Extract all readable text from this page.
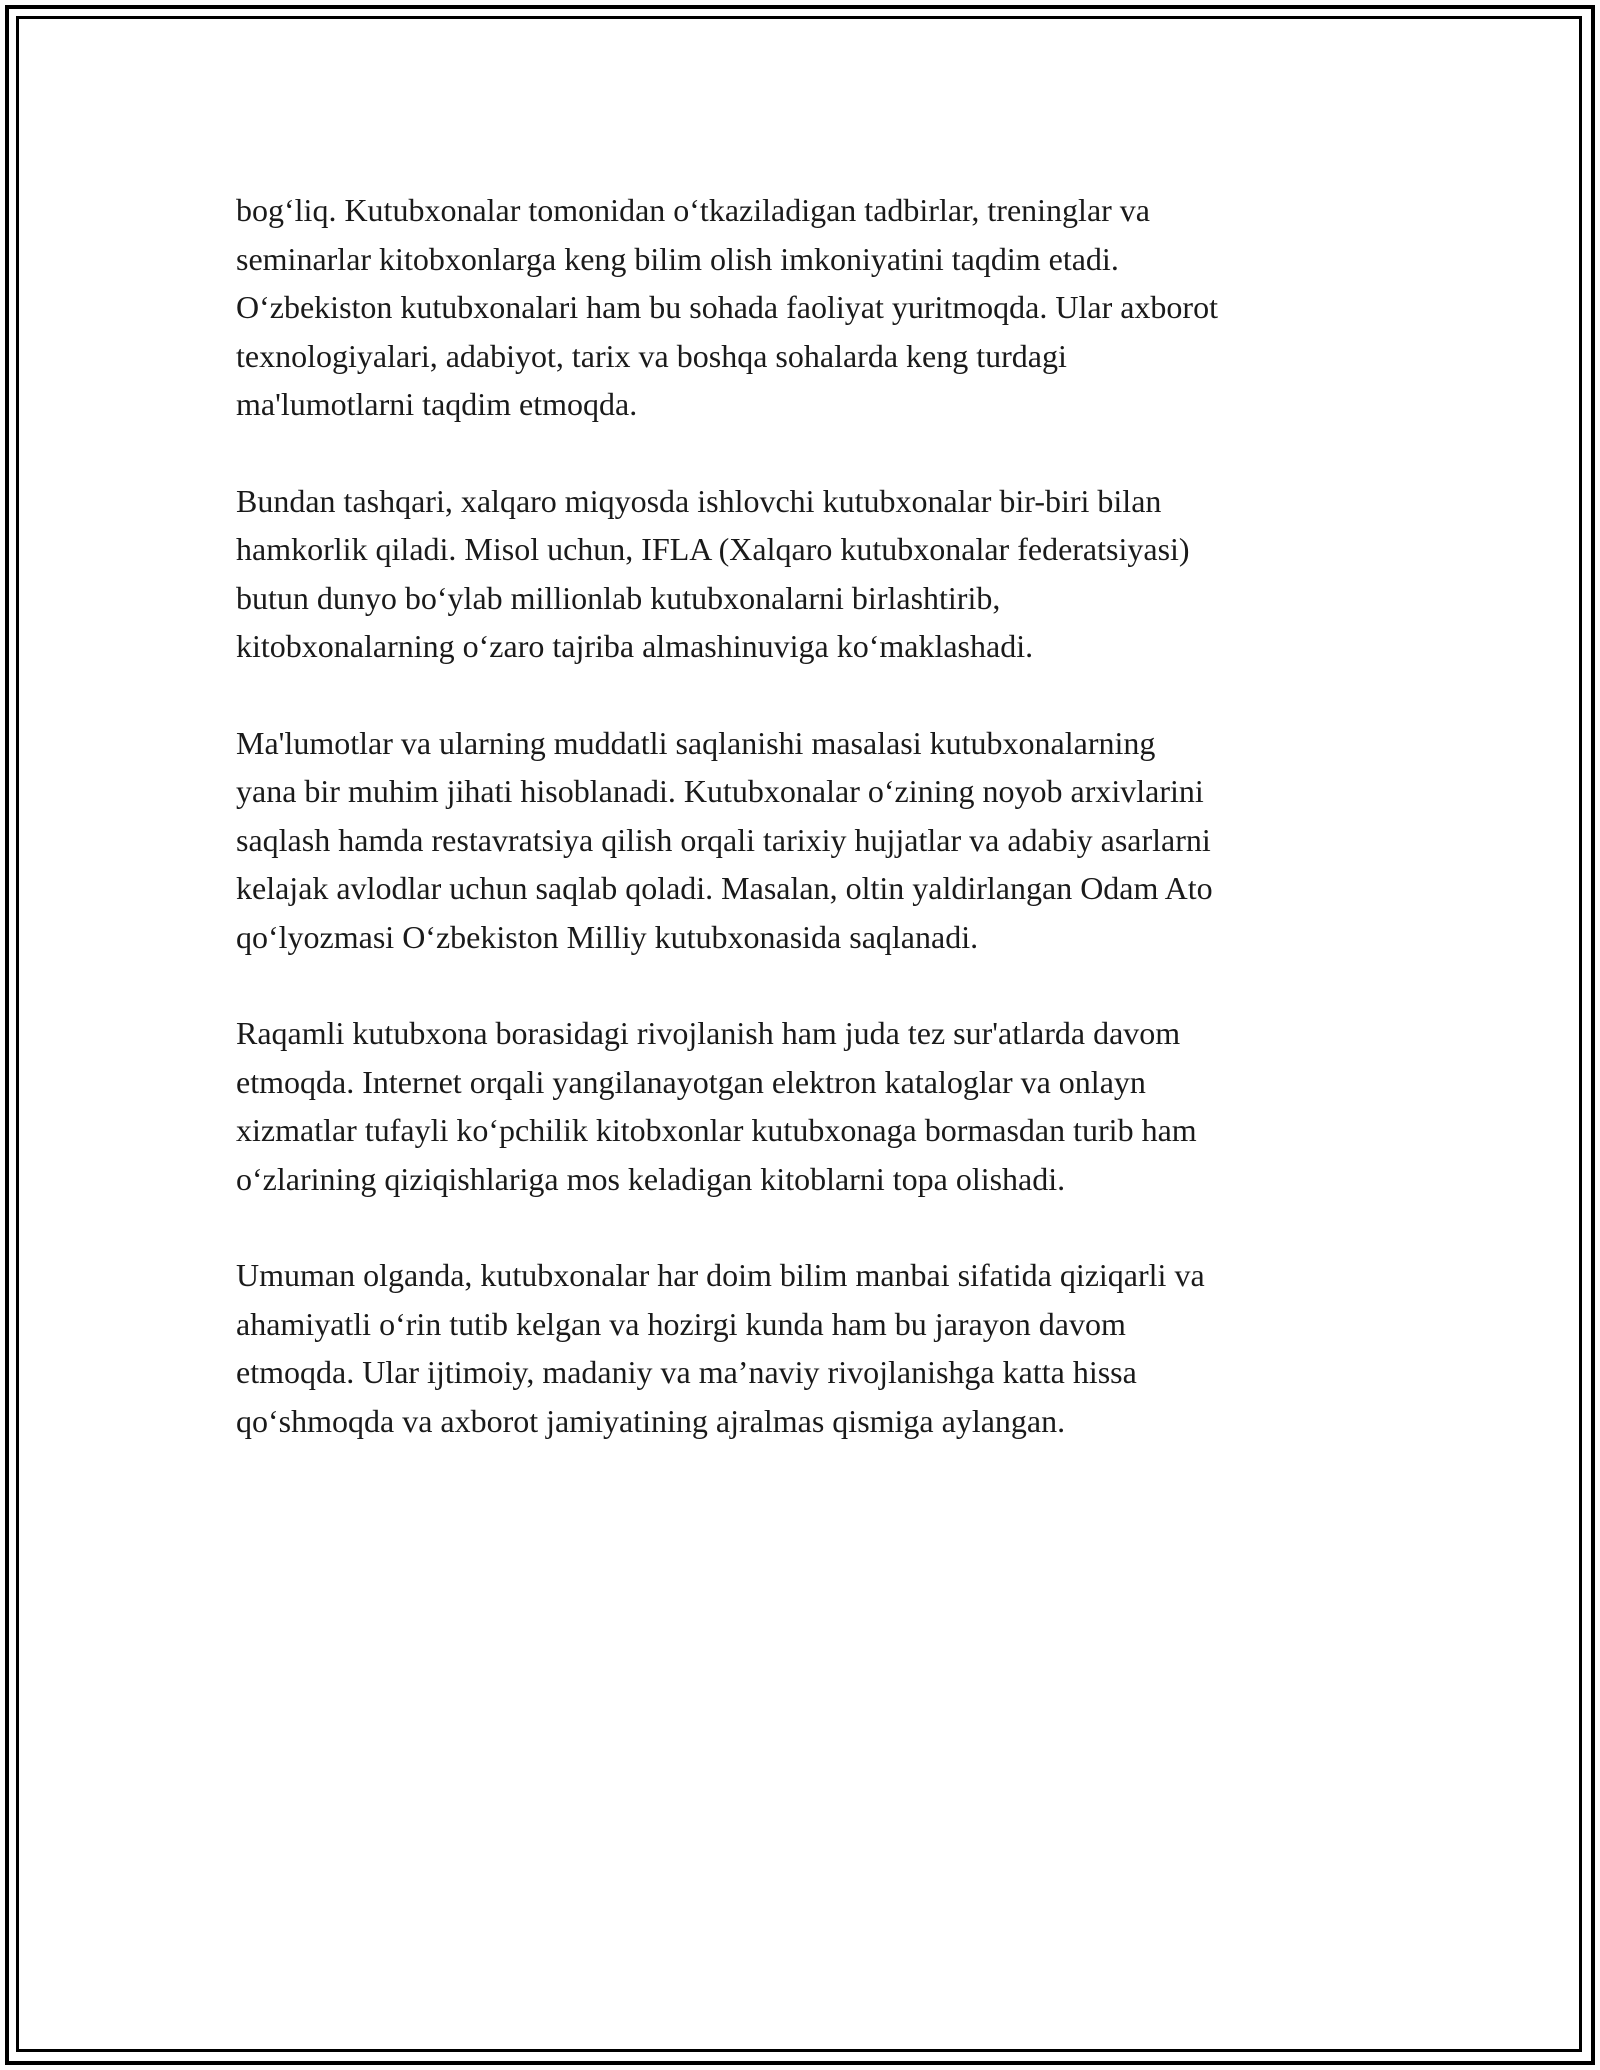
bog‘liq. Kutubxonalar tomonidan o‘tkaziladigan tadbirlar, treninglar va
seminarlar kitobxonlarga keng bilim olish imkoniyatini taqdim etadi.
O‘zbekiston kutubxonalari ham bu sohada faoliyat yuritmoqda. Ular axborot
texnologiyalari, adabiyot, tarix va boshqa sohalarda keng turdagi
ma'lumotlarni taqdim etmoqda.

Bundan tashqari, xalqaro miqyosda ishlovchi kutubxonalar bir-biri bilan
hamkorlik qiladi. Misol uchun, IFLA (Xalqaro kutubxonalar federatsiyasi)
butun dunyo bo‘ylab millionlab kutubxonalarni birlashtirib,
kitobxonalarning o‘zaro tajriba almashinuviga ko‘maklashadi.

Ma'lumotlar va ularning muddatli saqlanishi masalasi kutubxonalarning
yana bir muhim jihati hisoblanadi. Kutubxonalar o‘zining noyob arxivlarini
saqlash hamda restavratsiya qilish orqali tarixiy hujjatlar va adabiy asarlarni
kelajak avlodlar uchun saqlab qoladi. Masalan, oltin yaldirlangan Odam Ato
qo‘lyozmasi O‘zbekiston Milliy kutubxonasida saqlanadi.

Raqamli kutubxona borasidagi rivojlanish ham juda tez sur'atlarda davom
etmoqda. Internet orqali yangilanayotgan elektron kataloglar va onlayn
xizmatlar tufayli ko‘pchilik kitobxonlar kutubxonaga bormasdan turib ham
o‘zlarining qiziqishlariga mos keladigan kitoblarni topa olishadi.

Umuman olganda, kutubxonalar har doim bilim manbai sifatida qiziqarli va
ahamiyatli o‘rin tutib kelgan va hozirgi kunda ham bu jarayon davom
etmoqda. Ular ijtimoiy, madaniy va ma’naviy rivojlanishga katta hissa
qo‘shmoqda va axborot jamiyatining ajralmas qismiga aylangan.
